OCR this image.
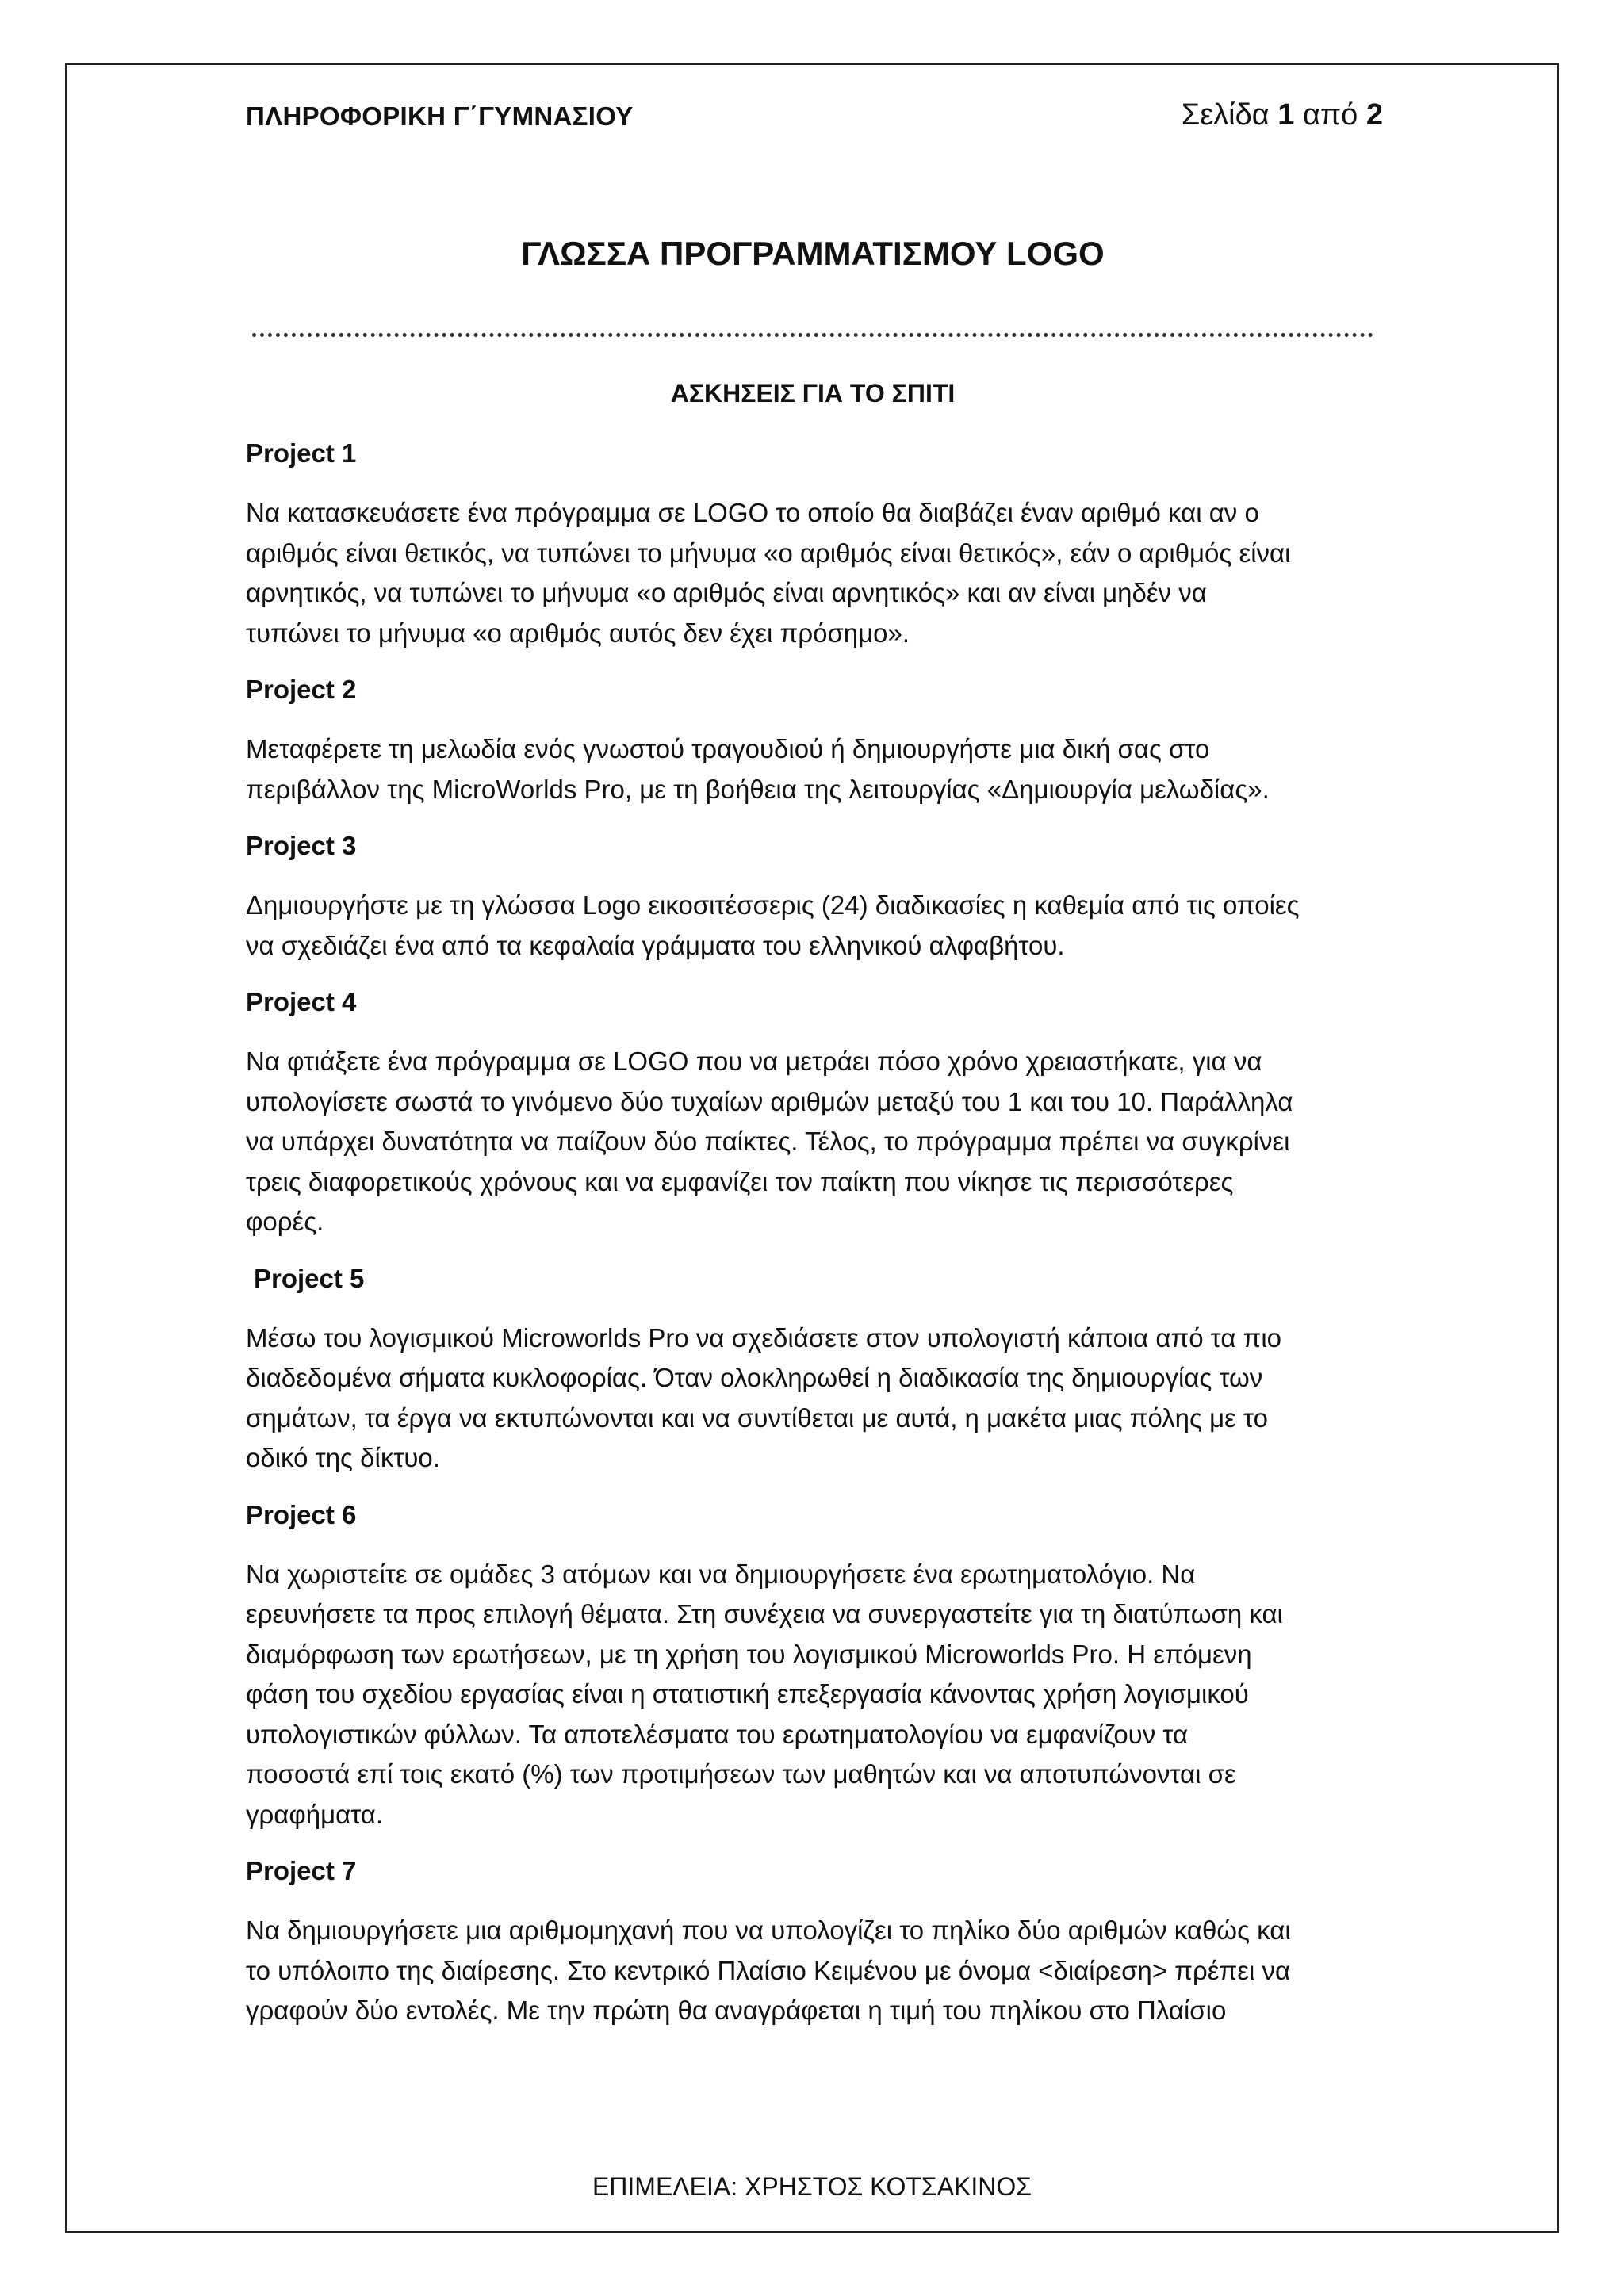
ΠΛΗΡΟΦΟΡΙΚΗ Γ΄ΓΥΜΝΑΣΙΟΥ	Σελίδα 1 από 2
ΓΛΩΣΣΑ ΠΡΟΓΡΑΜΜΑΤΙΣΜΟΥ LOGO
ΑΣΚΗΣΕΙΣ ΓΙΑ ΤΟ ΣΠΙΤΙ
Project 1
Να κατασκευάσετε ένα πρόγραμμα σε LOGO το οποίο θα διαβάζει έναν αριθμό και αν ο
αριθμός είναι θετικός, να τυπώνει το μήνυμα «ο αριθμός είναι θετικός», εάν ο αριθμός είναι
αρνητικός, να τυπώνει το μήνυμα «ο αριθμός είναι αρνητικός» και αν είναι μηδέν να
τυπώνει το μήνυμα «ο αριθμός αυτός δεν έχει πρόσημο».
Project 2
Μεταφέρετε τη μελωδία ενός γνωστού τραγουδιού ή δημιουργήστε μια δική σας στο
περιβάλλον της MicroWorlds Pro, με τη βοήθεια της λειτουργίας «Δημιουργία μελωδίας».
Project 3
Δημιουργήστε με τη γλώσσα Logo εικοσιτέσσερις (24) διαδικασίες η καθεμία από τις οποίες
να σχεδιάζει ένα από τα κεφαλαία γράμματα του ελληνικού αλφαβήτου.
Project 4
Να φτιάξετε ένα πρόγραμμα σε LOGO που να μετράει πόσο χρόνο χρειαστήκατε, για να
υπολογίσετε σωστά το γινόμενο δύο τυχαίων αριθμών μεταξύ του 1 και του 10. Παράλληλα
να υπάρχει δυνατότητα να παίζουν δύο παίκτες. Τέλος, το πρόγραμμα πρέπει να συγκρίνει
τρεις διαφορετικούς χρόνους και να εμφανίζει τον παίκτη που νίκησε τις περισσότερες
φορές.
Project 5
Μέσω του λογισμικού Microworlds Pro να σχεδιάσετε στον υπολογιστή κάποια από τα πιο
διαδεδομένα σήματα κυκλοφορίας. Όταν ολοκληρωθεί η διαδικασία της δημιουργίας των
σημάτων, τα έργα να εκτυπώνονται και να συντίθεται με αυτά, η μακέτα μιας πόλης με το
οδικό της δίκτυο.
Project 6
Να χωριστείτε σε ομάδες 3 ατόμων και να δημιουργήσετε ένα ερωτηματολόγιο. Να
ερευνήσετε τα προς επιλογή θέματα. Στη συνέχεια να συνεργαστείτε για τη διατύπωση και
διαμόρφωση των ερωτήσεων, με τη χρήση του λογισμικού Microworlds Pro. Η επόμενη
φάση του σχεδίου εργασίας είναι η στατιστική επεξεργασία κάνοντας χρήση λογισμικού
υπολογιστικών φύλλων. Τα αποτελέσματα του ερωτηματολογίου να εμφανίζουν τα
ποσοστά επί τοις εκατό (%) των προτιμήσεων των μαθητών και να αποτυπώνονται σε
γραφήματα.
Project 7
Να δημιουργήσετε μια αριθμομηχανή που να υπολογίζει το πηλίκο δύο αριθμών καθώς και
το υπόλοιπο της διαίρεσης. Στο κεντρικό Πλαίσιο Κειμένου με όνομα <διαίρεση> πρέπει να
γραφούν δύο εντολές. Με την πρώτη θα αναγράφεται η τιμή του πηλίκου στο Πλαίσιο
ΕΠΙΜΕΛΕΙΑ: ΧΡΗΣΤΟΣ ΚΟΤΣΑΚΙΝΟΣ
